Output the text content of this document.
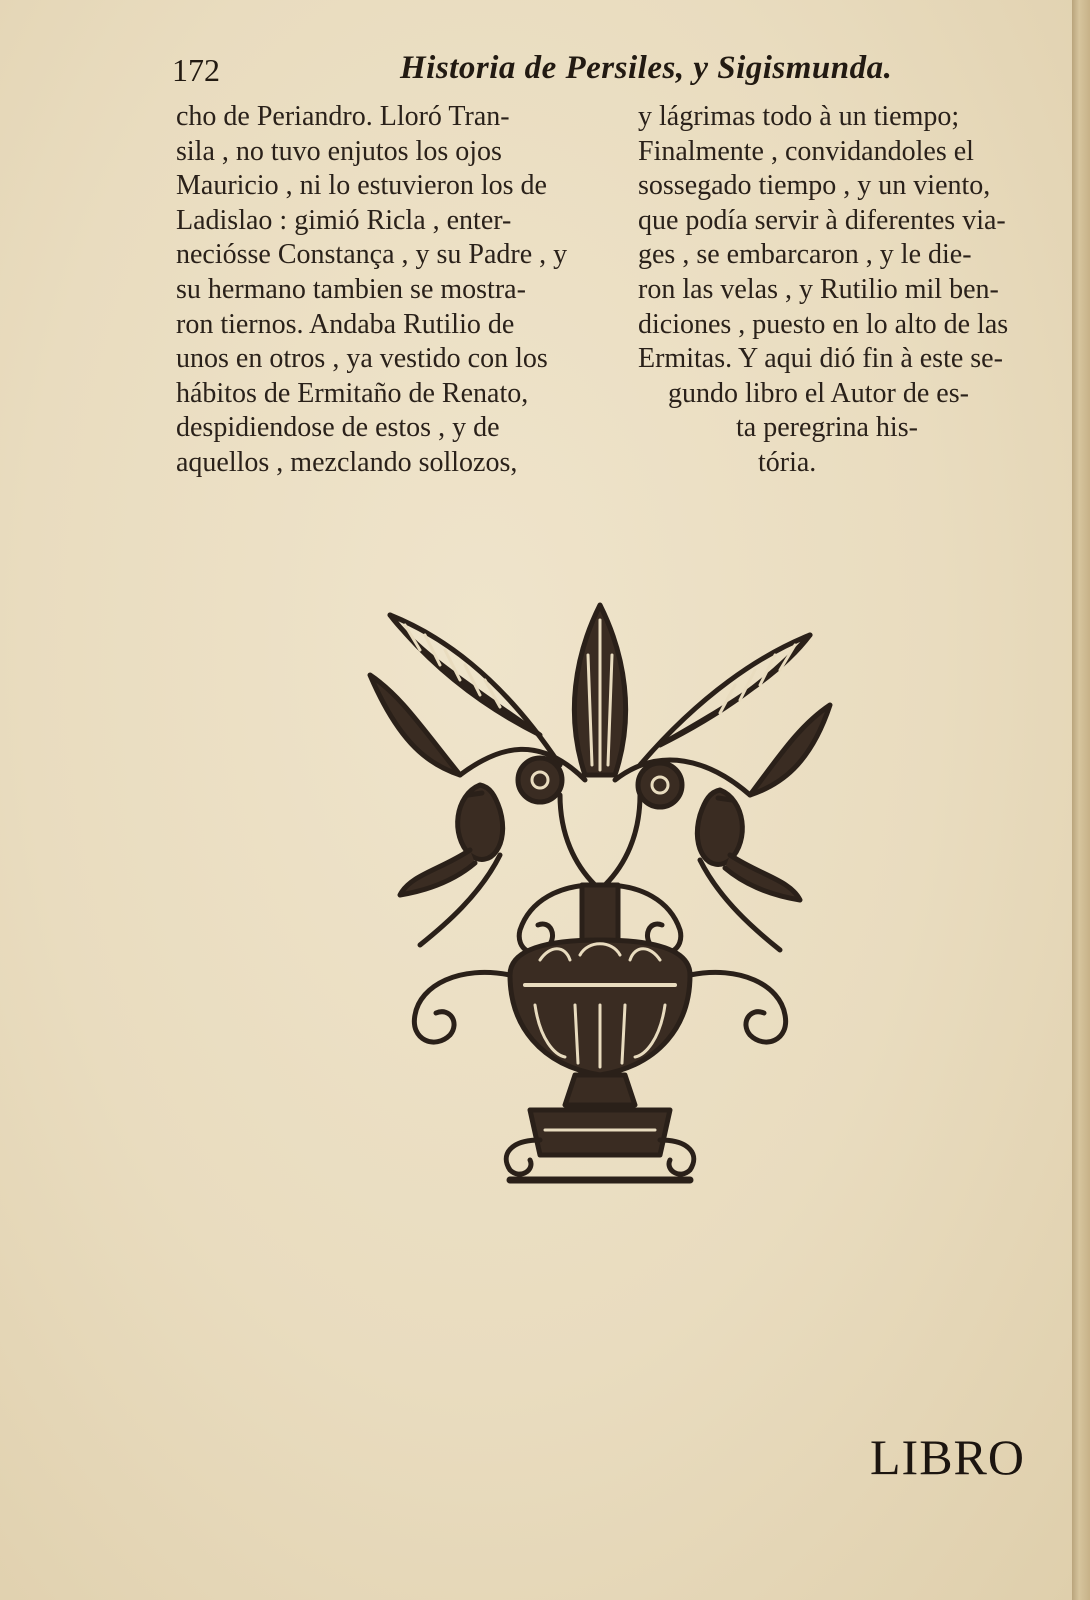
172	Historia de Persiles, y Sigismunda.
cho de Periandro. Lloró Tran-
sila , no tuvo enjutos los ojos
Mauricio , ni lo estuvieron los de
Ladislao : gimió Ricla , enter-
neciósse Constança , y su Padre , y
su hermano tambien se mostra-
ron tiernos. Andaba Rutilio de
unos en otros , ya vestido con los
hábitos de Ermitaño de Renato,
despidiendose de estos , y de
aquellos , mezclando sollozos,
y lágrimas todo à un tiempo;
Finalmente , convidandoles el
sossegado tiempo , y un viento,
que podía servir à diferentes via-
ges , se embarcaron , y le die-
ron las velas , y Rutilio mil ben-
diciones , puesto en lo alto de las
Ermitas. Y aqui dió fin à este se-
gundo libro el Autor de es-
ta peregrina his-
tória.
LIBRO
